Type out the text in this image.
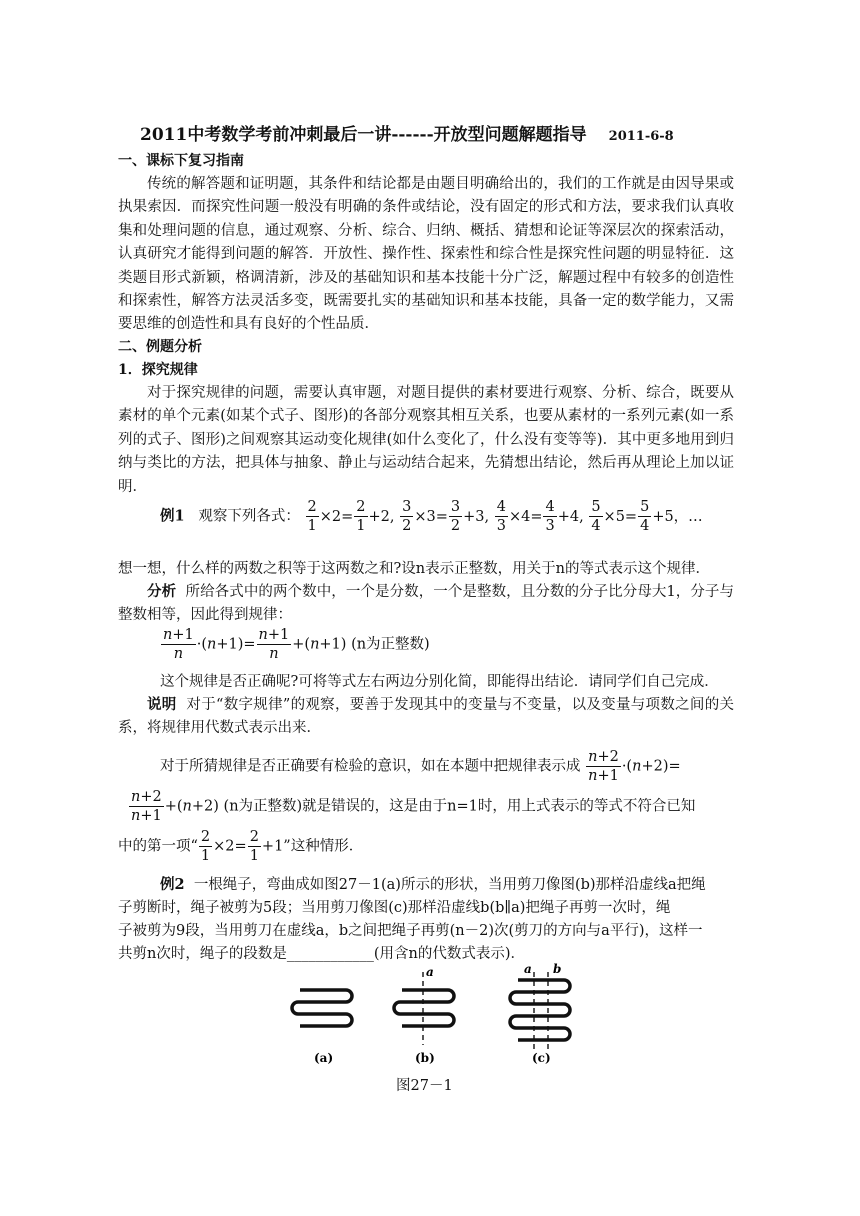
2011中考数学考前冲刺最后一讲------开放型问题解题指导 2011-6-8
一、课标下复习指南
传统的解答题和证明题，其条件和结论都是由题目明确给出的，我们的工作就是由因导果或执果索因．而探究性问题一般没有明确的条件或结论，没有固定的形式和方法，要求我们认真收集和处理问题的信息，通过观察、分析、综合、归纳、概括、猜想和论证等深层次的探索活动，认真研究才能得到问题的解答．开放性、操作性、探索性和综合性是探究性问题的明显特征．这类题目形式新颖，格调清新，涉及的基础知识和基本技能十分广泛，解题过程中有较多的创造性和探索性，解答方法灵活多变，既需要扎实的基础知识和基本技能，具备一定的数学能力，又需要思维的创造性和具有良好的个性品质．
二、例题分析
1．探究规律
对于探究规律的问题，需要认真审题，对题目提供的素材要进行观察、分析、综合，既要从素材的单个元素(如某个式子、图形)的各部分观察其相互关系，也要从素材的一系列元素(如一系列的式子、图形)之间观察其运动变化规律(如什么变化了，什么没有变等等)．其中更多地用到归纳与类比的方法，把具体与抽象、静止与运动结合起来，先猜想出结论，然后再从理论上加以证明．
例1 观察下列各式： $\frac{2}{1} \times 2= \frac{2}{1} +2$, $\frac{3}{2} \times 3= \frac{3}{2} +3$, $\frac{4}{3} \times 4= \frac{4}{3} +4$, $\frac{5}{4} \times 5= \frac{5}{4} +5$，…
想一想，什么样的两数之积等于这两数之和?设n表示正整数，用关于n的等式表示这个规律．
分析 所给各式中的两个数中，一个是分数，一个是整数，且分数的分子比分母大1，分子与整数相等，因此得到规律：
$\frac{n+1}{n} \cdot(n+1)= \frac{n+1}{n} +(n+1)$ (n为正整数)
这个规律是否正确呢?可将等式左右两边分别化简，即能得出结论．请同学们自己完成．
说明 对于“数字规律”的观察，要善于发现其中的变量与不变量，以及变量与项数之间的关系，将规律用代数式表示出来．
对于所猜规律是否正确要有检验的意识，如在本题中把规律表示成 $\frac{n+2}{n+1} \cdot(n+2)=$
$\frac{n+2}{n+1} +(n+2)$ (n为正整数)就是错误的，这是由于n=1时，用上式表示的等式不符合已知
中的第一项“ $\frac{2}{1} \times 2= \frac{2}{1} +1$”这种情形．
例2 一根绳子，弯曲成如图27－1(a)所示的形状，当用剪刀像图(b)那样沿虚线a把绳
子剪断时，绳子被剪为5段；当用剪刀像图(c)那样沿虚线b(b∥a)把绳子再剪一次时，绳
子被剪为9段，当用剪刀在虚线a，b之间把绳子再剪(n－2)次(剪刀的方向与a平行)，这样一
共剪n次时，绳子的段数是____________(用含n的代数式表示)．
a	a b
(a)	(b)	(c)
图27－1
